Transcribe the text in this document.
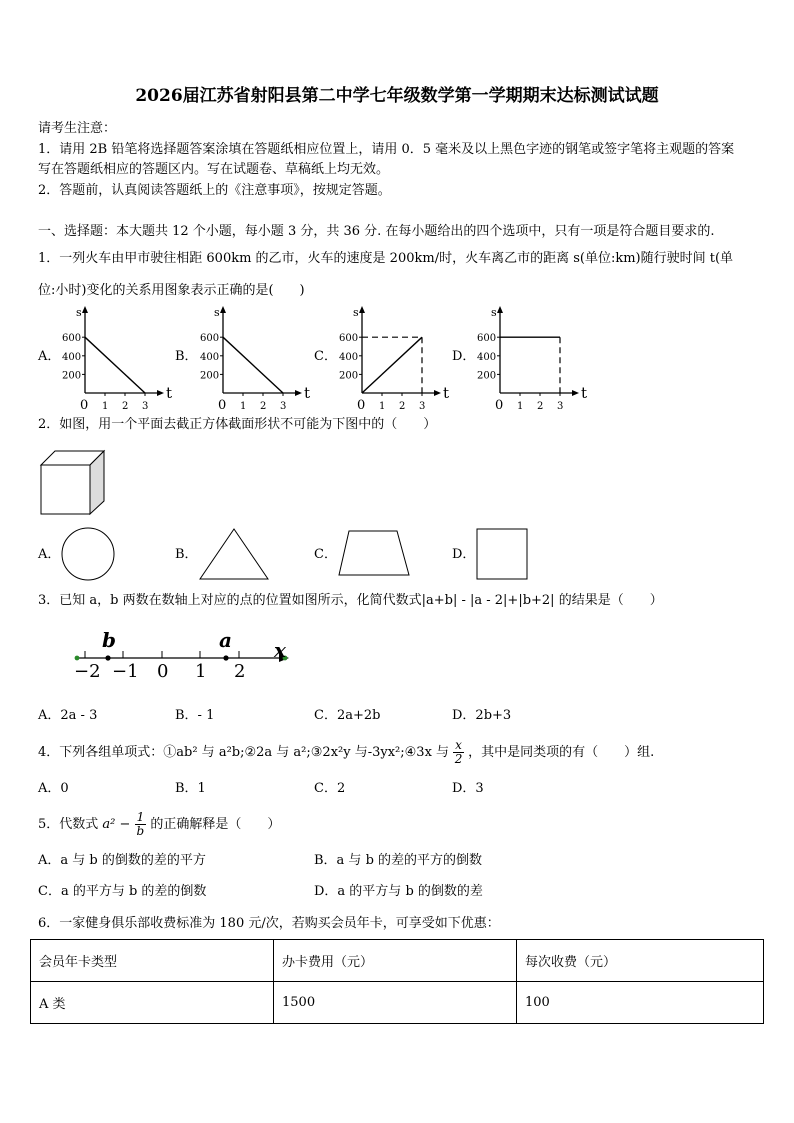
2026届江苏省射阳县第二中学七年级数学第一学期期末达标测试试题
请考生注意：
1．请用 2B 铅笔将选择题答案涂填在答题纸相应位置上，请用 0．5 毫米及以上黑色字迹的钢笔或签字笔将主观题的答案
写在答题纸相应的答题区内。写在试题卷、草稿纸上均无效。
2．答题前，认真阅读答题纸上的《注意事项》，按规定答题。
一、选择题：本大题共 12 个小题，每小题 3 分，共 36 分. 在每小题给出的四个选项中，只有一项是符合题目要求的.
1．一列火车由甲市驶往相距 600km 的乙市，火车的速度是 200km/时，火车离乙市的距离 s(单位:km)随行驶时间 t(单
位:小时)变化的关系用图象表示正确的是(　　)
A．	B．	C．	D．
s
t
600
400
200
0 1 2 3
s
t
600
400
200
0 1 2 3
s
t
600
400
200
0 1 2 3
s
t
600
400
200
0 1 2 3
2．如图，用一个平面去截正方体截面形状不可能为下图中的（　　）
A．	B．	C．	D．
3．已知 a，b 两数在数轴上对应的点的位置如图所示，化简代数式|a+b| - |a - 2|+|b+2| 的结果是（　　）
−2 −1 0 1 2
b	a x
A．2a - 3	B．- 1	C．2a+2b	D．2b+3
4．下列各组单项式：①ab² 与 a²b;②2a 与 a²;③2x²y 与-3yx²;④3x 与 $\frac{x}{2}$ ，其中是同类项的有（　　）组.
A．0	B．1	C．2	D．3
5．代数式 $a^2 - \frac{1}{b}$ 的正确解释是（　　）
A．a 与 b 的倒数的差的平方	B．a 与 b 的差的平方的倒数
C．a 的平方与 b 的差的倒数	D．a 的平方与 b 的倒数的差
6．一家健身俱乐部收费标准为 180 元/次，若购买会员年卡，可享受如下优惠：
会员年卡类型	办卡费用（元）	每次收费（元）
A 类	1500	100
